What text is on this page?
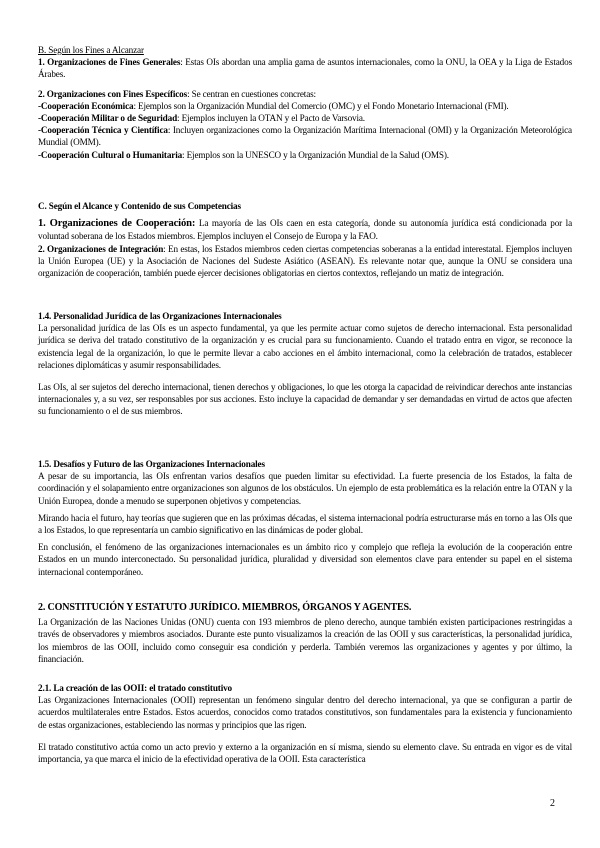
B. Según los Fines a Alcanzar

1. Organizaciones de Fines Generales: Estas OIs abordan una amplia gama de asuntos internacionales, como la ONU, la OEA y la Liga de Estados Árabes.

2. Organizaciones con Fines Específicos: Se centran en cuestiones concretas:

-Cooperación Económica: Ejemplos son la Organización Mundial del Comercio (OMC) y el Fondo Monetario Internacional (FMI).

-Cooperación Militar o de Seguridad: Ejemplos incluyen la OTAN y el Pacto de Varsovia.

-Cooperación Técnica y Científica: Incluyen organizaciones como la Organización Marítima Internacional (OMI) y la Organización Meteorológica Mundial (OMM).

-Cooperación Cultural o Humanitaria: Ejemplos son la UNESCO y la Organización Mundial de la Salud (OMS).

C. Según el Alcance y Contenido de sus Competencias

1. Organizaciones de Cooperación: La mayoría de las OIs caen en esta categoría, donde su autonomía jurídica está condicionada por la voluntad soberana de los Estados miembros. Ejemplos incluyen el Consejo de Europa y la FAO.

2. Organizaciones de Integración: En estas, los Estados miembros ceden ciertas competencias soberanas a la entidad interestatal. Ejemplos incluyen la Unión Europea (UE) y la Asociación de Naciones del Sudeste Asiático (ASEAN). Es relevante notar que, aunque la ONU se considera una organización de cooperación, también puede ejercer decisiones obligatorias en ciertos contextos, reflejando un matiz de integración.

1.4. Personalidad Jurídica de las Organizaciones Internacionales

La personalidad jurídica de las OIs es un aspecto fundamental, ya que les permite actuar como sujetos de derecho internacional. Esta personalidad jurídica se deriva del tratado constitutivo de la organización y es crucial para su funcionamiento. Cuando el tratado entra en vigor, se reconoce la existencia legal de la organización, lo que le permite llevar a cabo acciones en el ámbito internacional, como la celebración de tratados, establecer relaciones diplomáticas y asumir responsabilidades.

Las OIs, al ser sujetos del derecho internacional, tienen derechos y obligaciones, lo que les otorga la capacidad de reivindicar derechos ante instancias internacionales y, a su vez, ser responsables por sus acciones. Esto incluye la capacidad de demandar y ser demandadas en virtud de actos que afecten su funcionamiento o el de sus miembros.

1.5. Desafíos y Futuro de las Organizaciones Internacionales

A pesar de su importancia, las OIs enfrentan varios desafíos que pueden limitar su efectividad. La fuerte presencia de los Estados, la falta de coordinación y el solapamiento entre organizaciones son algunos de los obstáculos. Un ejemplo de esta problemática es la relación entre la OTAN y la Unión Europea, donde a menudo se superponen objetivos y competencias.

Mirando hacia el futuro, hay teorías que sugieren que en las próximas décadas, el sistema internacional podría estructurarse más en torno a las OIs que a los Estados, lo que representaría un cambio significativo en las dinámicas de poder global.

En conclusión, el fenómeno de las organizaciones internacionales es un ámbito rico y complejo que refleja la evolución de la cooperación entre Estados en un mundo interconectado. Su personalidad jurídica, pluralidad y diversidad son elementos clave para entender su papel en el sistema internacional contemporáneo.

2. CONSTITUCIÓN Y ESTATUTO JURÍDICO. MIEMBROS, ÓRGANOS Y AGENTES.

La Organización de las Naciones Unidas (ONU) cuenta con 193 miembros de pleno derecho, aunque también existen participaciones restringidas a través de observadores y miembros asociados. Durante este punto visualizamos la creación de las OOII y sus características, la personalidad jurídica, los miembros de las OOII, incluido como conseguir esa condición y perderla. También veremos las organizaciones y agentes y por último, la financiación.

2.1. La creación de las OOII: el tratado constitutivo

Las Organizaciones Internacionales (OOII) representan un fenómeno singular dentro del derecho internacional, ya que se configuran a partir de acuerdos multilaterales entre Estados. Estos acuerdos, conocidos como tratados constitutivos, son fundamentales para la existencia y funcionamiento de estas organizaciones, estableciendo las normas y principios que las rigen.

El tratado constitutivo actúa como un acto previo y externo a la organización en sí misma, siendo su elemento clave. Su entrada en vigor es de vital importancia, ya que marca el inicio de la efectividad operativa de la OOII. Esta característica

2
